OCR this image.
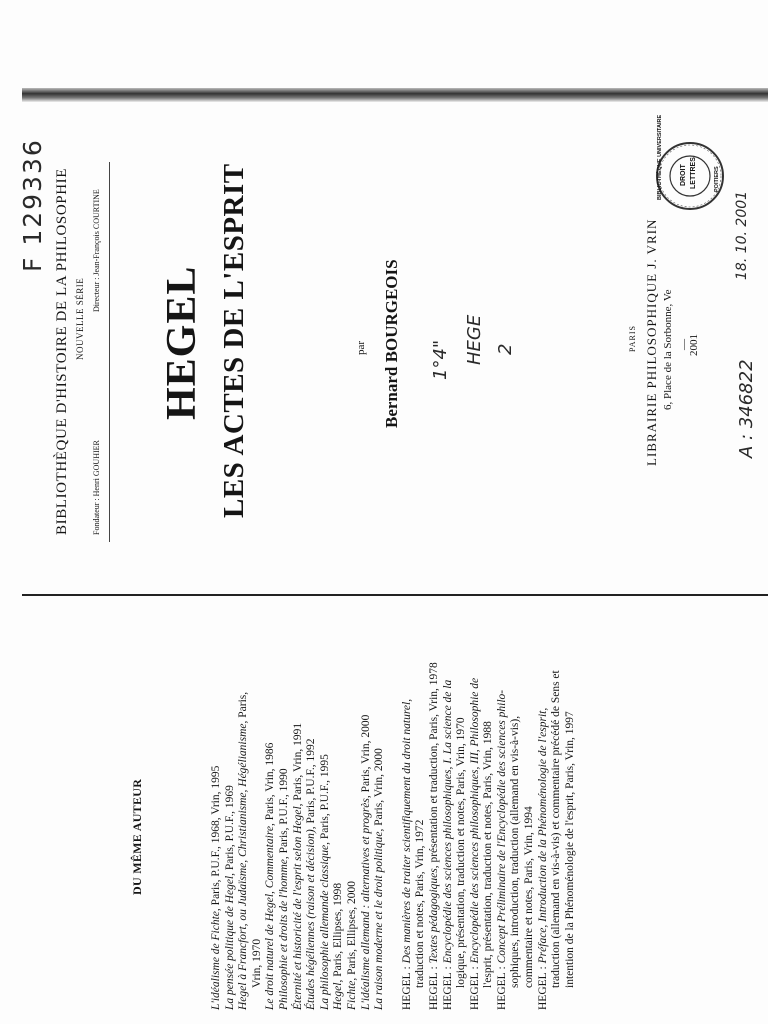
F 129336 BIBLIOTHÈQUE D'HISTOIRE DE LA PHILOSOPHIE NOUVELLE SÉRIE
Fondateur : Henri GOUHIER
Directeur : Jean-François COURTINE
HEGEL LES ACTES DE L'ESPRIT	par Bernard BOURGEOIS 1°4" HEGE 2	PARIS LIBRAIRIE PHILOSOPHIQUE J. VRIN 6, Place de la Sorbonne, Ve —
2001
A : 346822
18. 10. 2001
BIBLIOTHÈQUE UNIVERSITAIRE DROIT LETTRES	POITIERS
DU MÊME AUTEUR
L'idéalisme de Fichte, Paris, P.U.F., 1968, Vrin, 1995
La pensée politique de Hegel, Paris, P.U.F., 1969 Hegel à Francfort, ou Judaïsme, Christianisme, Hégélianisme, Paris,
Vrin, 1970 Le droit naturel de Hegel, Commentaire, Paris, Vrin, 1986
Philosophie et droits de l'homme, Paris, P.U.F., 1990 Éternité et historicité de l'esprit selon Hegel, Paris, Vrin, 1991
Études hégéliennes (raison et décision), Paris, P.U.F., 1992
La philosophie allemande classique, Paris, P.U.F., 1995
Hegel, Paris, Ellipses, 1998
Fichte, Paris, Ellipses, 2000 L'idéalisme allemand : alternatives et progrès, Paris, Vrin, 2000
La raison moderne et le droit politique, Paris, Vrin, 2000
HEGEL : Des manières de traiter scientifiquement du droit naturel,
traduction et notes, Paris, Vrin, 1972
HEGEL : Textes pédagogiques, présentation et traduction, Paris, Vrin, 1978
HEGEL : Encyclopédie des sciences philosophiques, I. La science de la logique, présentation, traduction et notes, Paris, Vrin, 1970
HEGEL : Encyclopédie des sciences philosophiques, III, Philosophie de l'esprit, présentation, traduction et notes, Paris, Vrin, 1988
HEGEL : Concept Préliminaire de l'Encyclopédie des sciences philo- sophiques, introduction, traduction (allemand en vis-à-vis), commentaire et notes, Paris, Vrin, 1994
HEGEL : Préface, Introduction de la Phénoménologie de l'esprit, traduction (allemand en vis-à-vis) et commentaire précédé de Sens et intention de la Phénoménologie de l'esprit, Paris, Vrin, 1997
